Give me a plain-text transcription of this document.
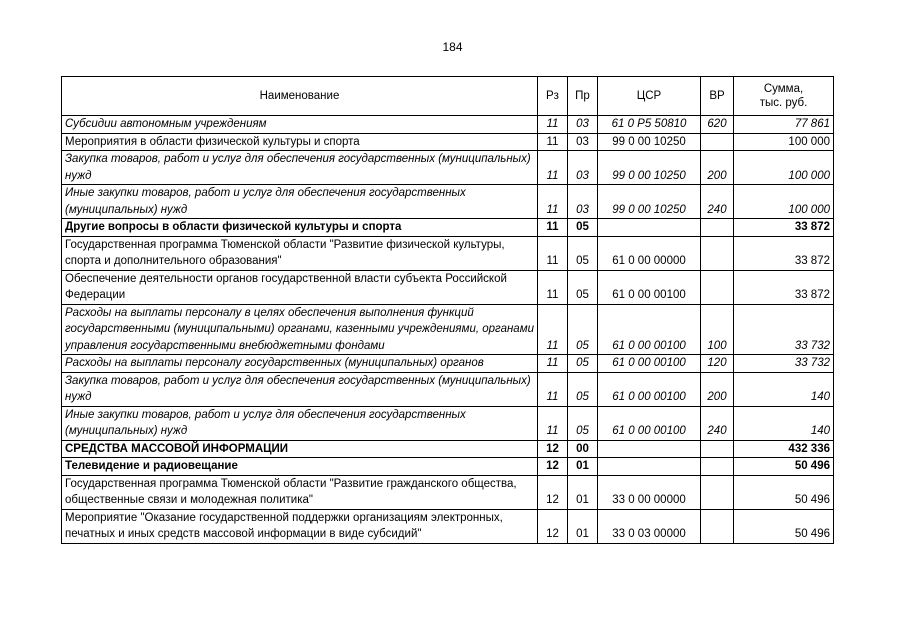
184
Наименование	Рз	Пр	ЦСР	ВР	Сумма,
тыс. руб.
Субсидии автономным учреждениям	11	03	61 0 P5 50810	620	77 861
Мероприятия в области физической культуры и спорта	11	03	99 0 00 10250		100 000
Закупка товаров, работ и услуг для обеспечения государственных (муниципальных) нужд	11	03	99 0 00 10250	200	100 000
Иные закупки товаров, работ и услуг для обеспечения государственных (муниципальных) нужд	11	03	99 0 00 10250	240	100 000
Другие вопросы в области физической культуры и спорта	11	05			33 872
Государственная программа Тюменской области "Развитие физической культуры, спорта и дополнительного образования"	11	05	61 0 00 00000		33 872
Обеспечение деятельности органов государственной власти субъекта Российской Федерации	11	05	61 0 00 00100		33 872
Расходы на выплаты персоналу в целях обеспечения выполнения функций государственными (муниципальными) органами, казенными учреждениями, органами управления государственными внебюджетными фондами	11	05	61 0 00 00100	100	33 732
Расходы на выплаты персоналу государственных (муниципальных) органов	11	05	61 0 00 00100	120	33 732
Закупка товаров, работ и услуг для обеспечения государственных (муниципальных) нужд	11	05	61 0 00 00100	200	140
Иные закупки товаров, работ и услуг для обеспечения государственных (муниципальных) нужд	11	05	61 0 00 00100	240	140
СРЕДСТВА МАССОВОЙ ИНФОРМАЦИИ	12	00			432 336
Телевидение и радиовещание	12	01			50 496
Государственная программа Тюменской области "Развитие гражданского общества, общественные связи и молодежная политика"	12	01	33 0 00 00000		50 496
Мероприятие "Оказание государственной поддержки организациям электронных, печатных и иных средств массовой информации в виде субсидий"	12	01	33 0 03 00000		50 496
